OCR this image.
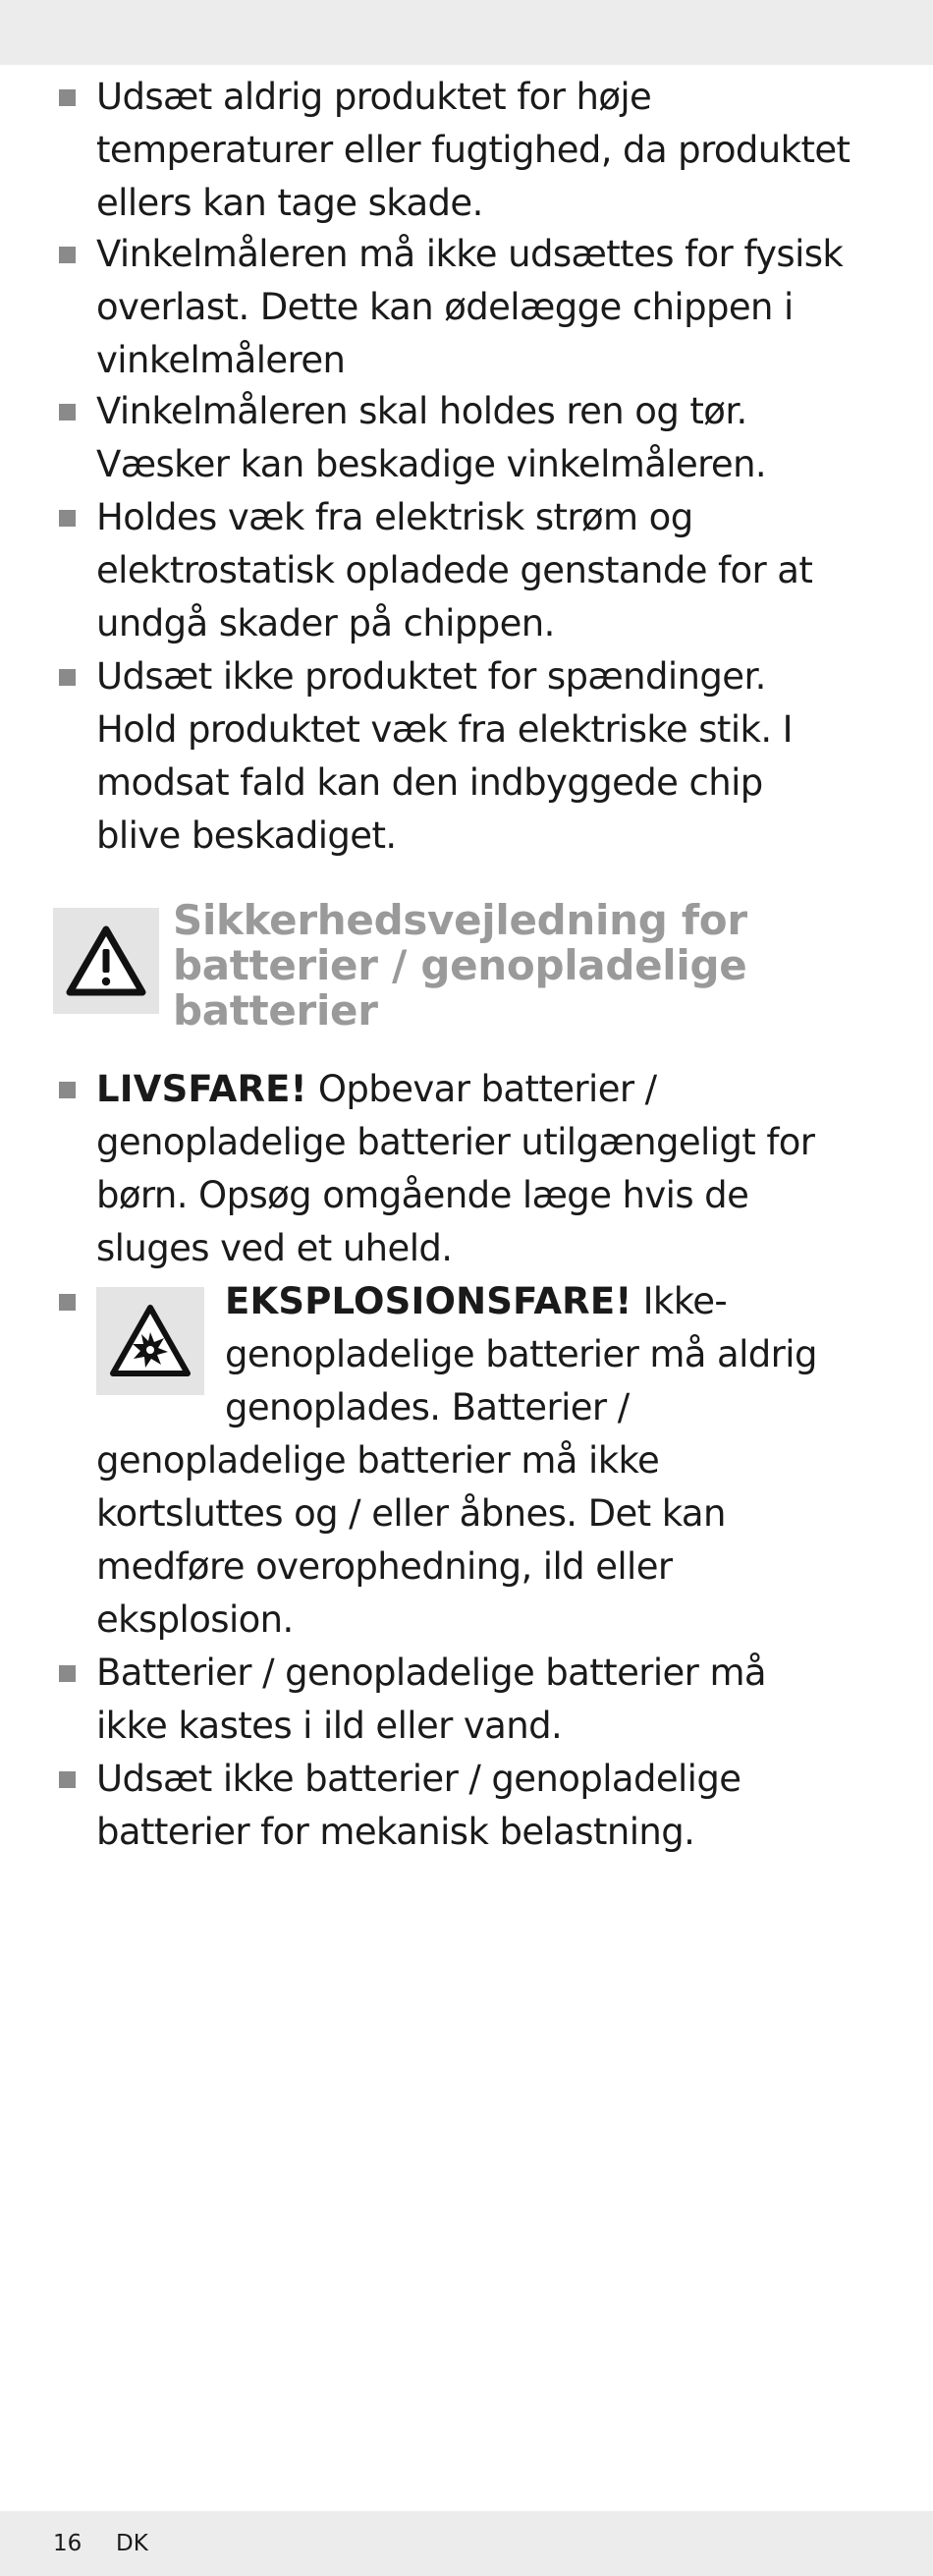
Udsæt aldrig produktet for høje

temperaturer eller fugtighed, da produktet

ellers kan tage skade.

Vinkelmåleren må ikke udsættes for fysisk

overlast. Dette kan ødelægge chippen i

vinkelmåleren

Vinkelmåleren skal holdes ren og tør.

Væsker kan beskadige vinkelmåleren.

Holdes væk fra elektrisk strøm og

elektrostatisk opladede genstande for at

undgå skader på chippen.

Udsæt ikke produktet for spændinger.

Hold produktet væk fra elektriske stik. I

modsat fald kan den indbyggede chip

blive beskadiget.

Sikkerhedsvejledning for
batterier / genopladelige
batterier

LIVSFARE! Opbevar batterier /

genopladelige batterier utilgængeligt for

børn. Opsøg omgående læge hvis de

sluges ved et uheld.

EKSPLOSIONSFARE! Ikke-

genopladelige batterier må aldrig

genoplades. Batterier /

genopladelige batterier må ikke

kortsluttes og / eller åbnes. Det kan

medføre overophedning, ild eller

eksplosion.

Batterier / genopladelige batterier må

ikke kastes i ild eller vand.

Udsæt ikke batterier / genopladelige

batterier for mekanisk belastning.

16 DK
